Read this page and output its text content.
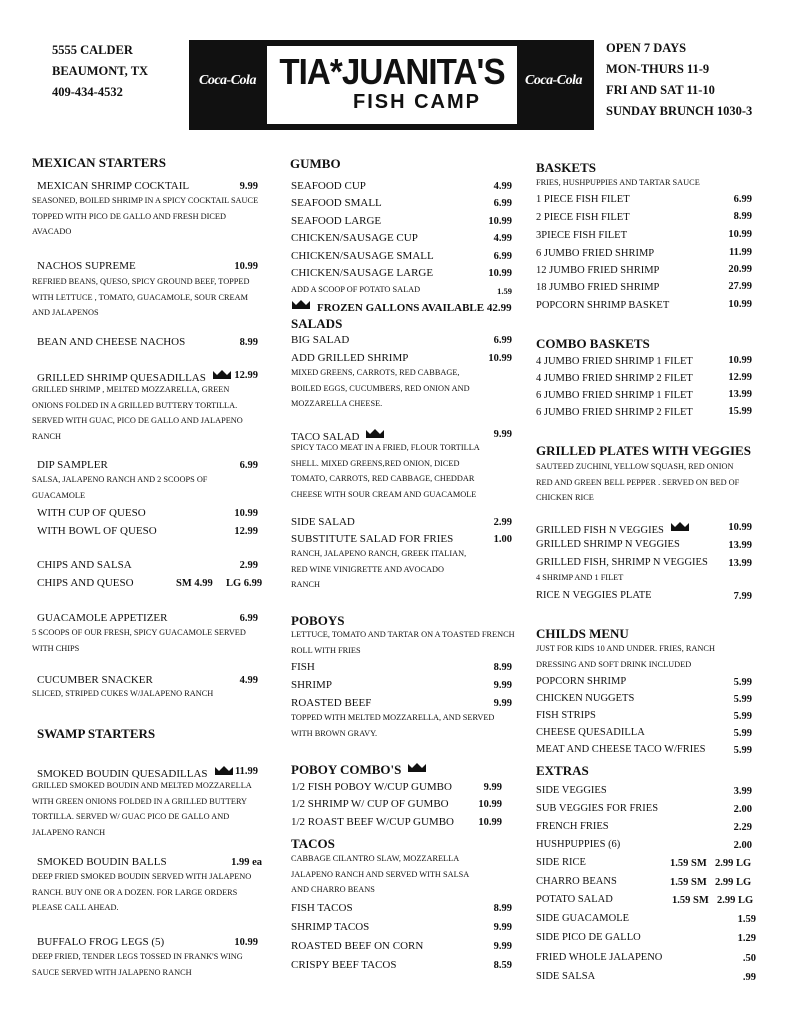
5555 CALDER
BEAUMONT, TX
409-434-4532
Coca-Cola TIA*JUANITA'S
FISH CAMP
Coca-Cola
OPEN 7 DAYS
MON-THURS 11-9
FRI AND SAT 11-10
SUNDAY BRUNCH 1030-3
MEXICAN STARTERS
MEXICAN SHRIMP COCKTAIL	9.99
SEASONED, BOILED SHRIMP IN A SPICY COCKTAIL SAUCE TOPPED WITH PICO DE GALLO AND FRESH DICED AVACADO
NACHOS SUPREME	10.99
REFRIED BEANS, QUESO, SPICY GROUND BEEF, TOPPED WITH LETTUCE , TOMATO, GUACAMOLE, SOUR CREAM AND JALAPENOS
BEAN AND CHEESE NACHOS	8.99
GRILLED SHRIMP QUESADILLAS	12.99
GRILLED SHRIMP , MELTED MOZZARELLA, GREEN ONIONS FOLDED IN A GRILLED BUTTERY TORTILLA. SERVED WITH GUAC, PICO DE GALLO AND JALAPENO RANCH
DIP SAMPLER	6.99
SALSA, JALAPENO RANCH AND 2 SCOOPS OF GUACAMOLE
WITH CUP OF QUESO	10.99
WITH BOWL OF QUESO	12.99
CHIPS AND SALSA	2.99
CHIPS AND QUESO	SM 4.99 LG 6.99
GUACAMOLE APPETIZER	6.99
5 SCOOPS OF OUR FRESH, SPICY GUACAMOLE SERVED WITH CHIPS
CUCUMBER SNACKER	4.99
SLICED, STRIPED CUKES W/JALAPENO RANCH
SWAMP STARTERS
SMOKED BOUDIN QUESADILLAS	11.99
GRILLED SMOKED BOUDIN AND MELTED MOZZARELLA WITH GREEN ONIONS FOLDED IN A GRILLED BUTTERY TORTILLA. SERVED W/ GUAC PICO DE GALLO AND JALAPENO RANCH
SMOKED BOUDIN BALLS	1.99 ea
DEEP FRIED SMOKED BOUDIN SERVED WITH JALAPENO RANCH. BUY ONE OR A DOZEN. FOR LARGE ORDERS PLEASE CALL AHEAD.
BUFFALO FROG LEGS (5)	10.99
DEEP FRIED, TENDER LEGS TOSSED IN FRANK'S WING SAUCE SERVED WITH JALAPENO RANCH
GUMBO
SEAFOOD CUP	4.99
SEAFOOD SMALL	6.99
SEAFOOD LARGE	10.99
CHICKEN/SAUSAGE CUP	4.99
CHICKEN/SAUSAGE SMALL	6.99
CHICKEN/SAUSAGE LARGE	10.99
ADD A SCOOP OF POTATO SALAD	1.59
FROZEN GALLONS AVAILABLE 42.99
SALADS
BIG SALAD	6.99
ADD GRILLED SHRIMP	10.99
MIXED GREENS, CARROTS, RED CABBAGE, BOILED EGGS, CUCUMBERS, RED ONION AND MOZZARELLA CHEESE.
TACO SALAD	9.99
SPICY TACO MEAT IN A FRIED, FLOUR TORTILLA SHELL. MIXED GREENS,RED ONION, DICED TOMATO, CARROTS, RED CABBAGE, CHEDDAR CHEESE WITH SOUR CREAM AND GUACAMOLE
SIDE SALAD	2.99
SUBSTITUTE SALAD FOR FRIES	1.00
RANCH, JALAPENO RANCH, GREEK ITALIAN, RED WINE VINIGRETTE AND AVOCADO RANCH
POBOYS
LETTUCE, TOMATO AND TARTAR ON A TOASTED FRENCH ROLL WITH FRIES
FISH	8.99
SHRIMP	9.99
ROASTED BEEF	9.99
TOPPED WITH MELTED MOZZARELLA, AND SERVED WITH BROWN GRAVY.
POBOY COMBO'S
1/2 FISH POBOY W/CUP GUMBO	9.99
1/2 SHRIMP W/ CUP OF GUMBO	10.99
1/2 ROAST BEEF W/CUP GUMBO	10.99
TACOS
CABBAGE CILANTRO SLAW, MOZZARELLA JALAPENO RANCH AND SERVED WITH SALSA AND CHARRO BEANS
FISH TACOS	8.99
SHRIMP TACOS	9.99
ROASTED BEEF ON CORN	9.99
CRISPY BEEF TACOS	8.59
BASKETS
FRIES, HUSHPUPPIES AND TARTAR SAUCE
1 PIECE FISH FILET	6.99
2 PIECE FISH FILET	8.99
3PIECE FISH FILET	10.99
6 JUMBO FRIED SHRIMP	11.99
12 JUMBO FRIED SHRIMP	20.99
18 JUMBO FRIED SHRIMP	27.99
POPCORN SHRIMP BASKET	10.99
COMBO BASKETS
4 JUMBO FRIED SHRIMP 1 FILET	10.99
4 JUMBO FRIED SHRIMP 2 FILET	12.99
6 JUMBO FRIED SHRIMP 1 FILET	13.99
6 JUMBO FRIED SHRIMP 2 FILET	15.99
GRILLED PLATES WITH VEGGIES
SAUTEED ZUCHINI, YELLOW SQUASH, RED ONION RED AND GREEN BELL PEPPER . SERVED ON BED OF CHICKEN RICE
GRILLED FISH N VEGGIES	10.99
GRILLED SHRIMP N VEGGIES	13.99
GRILLED FISH, SHRIMP N VEGGIES	13.99
4 SHRIMP AND 1 FILET
RICE N VEGGIES PLATE	7.99
CHILDS MENU
JUST FOR KIDS 10 AND UNDER. FRIES, RANCH DRESSING AND SOFT DRINK INCLUDED
POPCORN SHRIMP	5.99
CHICKEN NUGGETS	5.99
FISH STRIPS	5.99
CHEESE QUESADILLA	5.99
MEAT AND CHEESE TACO W/FRIES	5.99
EXTRAS
SIDE VEGGIES	3.99
SUB VEGGIES FOR FRIES	2.00
FRENCH FRIES	2.29
HUSHPUPPIES (6)	2.00
SIDE RICE	1.59 SM 2.99 LG
CHARRO BEANS	1.59 SM 2.99 LG
POTATO SALAD	1.59 SM 2.99 LG
SIDE GUACAMOLE	1.59
SIDE PICO DE GALLO	1.29
FRIED WHOLE JALAPENO	.50
SIDE SALSA	.99
